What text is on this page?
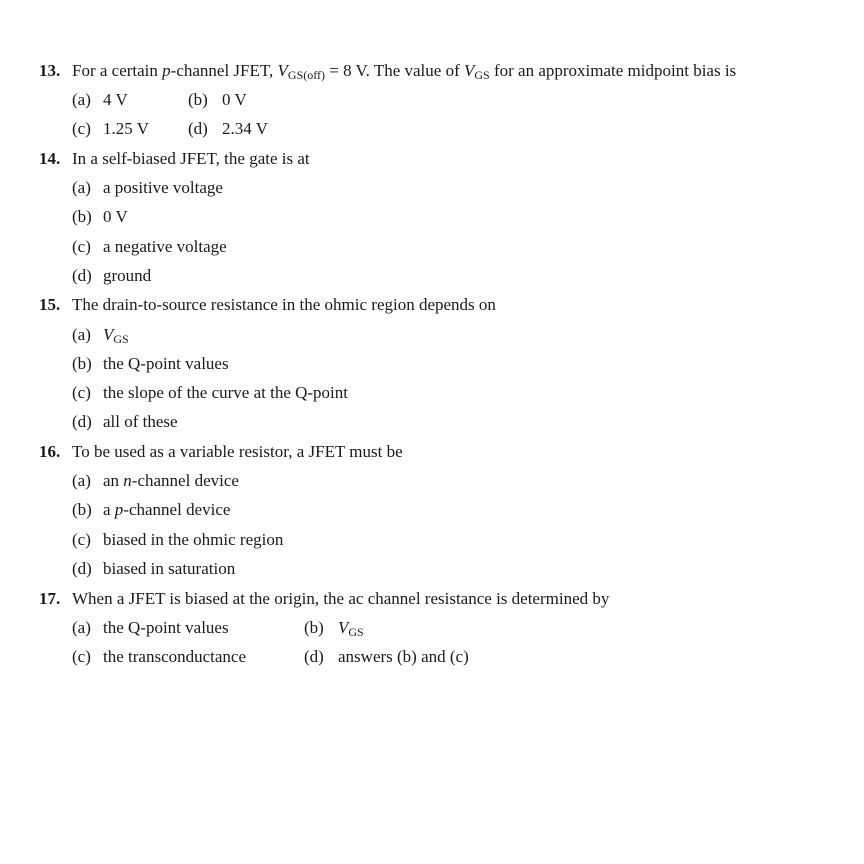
13. For a certain p-channel JFET, $V_{GS(off)} = 8$ V. The value of $V_{GS}$ for an approximate midpoint bias is
(a) 4 V	(b) 0 V
(c) 1.25 V (d) 2.34 V
14. In a self-biased JFET, the gate is at
(a) a positive voltage
(b) 0 V
(c) a negative voltage
(d) ground
15. The drain-to-source resistance in the ohmic region depends on
(a) $V_{GS}$
(b) the Q-point values
(c) the slope of the curve at the Q-point
(d) all of these
16. To be used as a variable resistor, a JFET must be
(a) an n-channel device
(b) a p-channel device
(c) biased in the ohmic region
(d) biased in saturation
17. When a JFET is biased at the origin, the ac channel resistance is determined by
(a) the Q-point values	(b) $V_{GS}$
(c) the transconductance	(d) answers (b) and (c)
